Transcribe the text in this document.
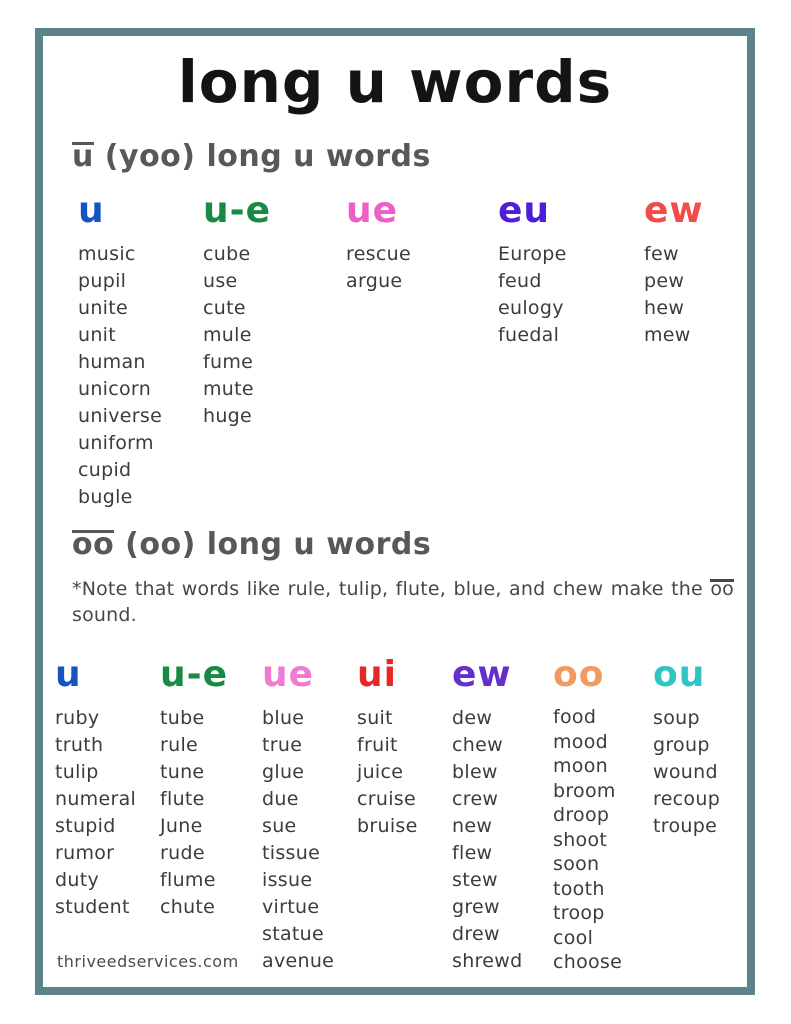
long u words
u (yoo) long u words
u
music
pupil
unite
unit
human
unicorn
universe
uniform
cupid
bugle
u-e
cube
use
cute
mule
fume
mute
huge
ue
rescue
argue
eu
Europe
feud
eulogy
fuedal
ew
few
pew
hew
mew
oo (oo) long u words
*Note that words like rule, tulip, flute, blue, and chew make the oo sound.
u
ruby
truth
tulip
numeral
stupid
rumor
duty
student
u-e
tube
rule
tune
flute
June
rude
flume
chute
ue
blue
true
glue
due
sue
tissue
issue
virtue
statue
avenue
ui
suit
fruit
juice
cruise
bruise
ew
dew
chew
blew
crew
new
flew
stew
grew
drew
shrewd
oo
food
mood
moon
broom
droop
shoot
soon
tooth
troop
cool
choose
ou
soup
group
wound
recoup
troupe
thriveedservices.com
